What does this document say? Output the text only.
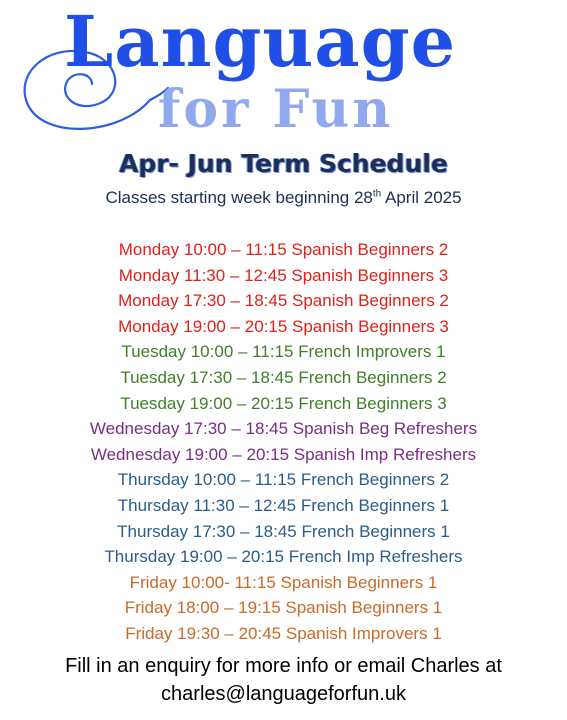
Language
for Fun
Apr- Jun Term Schedule
Classes starting week beginning 28th April 2025
Monday 10:00 – 11:15 Spanish Beginners 2
Monday 11:30 – 12:45 Spanish Beginners 3
Monday 17:30 – 18:45 Spanish Beginners 2
Monday 19:00 – 20:15 Spanish Beginners 3
Tuesday 10:00 – 11:15 French Improvers 1
Tuesday 17:30 – 18:45 French Beginners 2
Tuesday 19:00 – 20:15 French Beginners 3
Wednesday 17:30 – 18:45 Spanish Beg Refreshers
Wednesday 19:00 – 20:15 Spanish Imp Refreshers
Thursday 10:00 – 11:15 French Beginners 2
Thursday 11:30 – 12:45 French Beginners 1
Thursday 17:30 – 18:45 French Beginners 1
Thursday 19:00 – 20:15 French Imp Refreshers
Friday 10:00- 11:15 Spanish Beginners 1
Friday 18:00 – 19:15 Spanish Beginners 1
Friday 19:30 – 20:45 Spanish Improvers 1
Fill in an enquiry for more info or email Charles at
charles@languageforfun.uk
